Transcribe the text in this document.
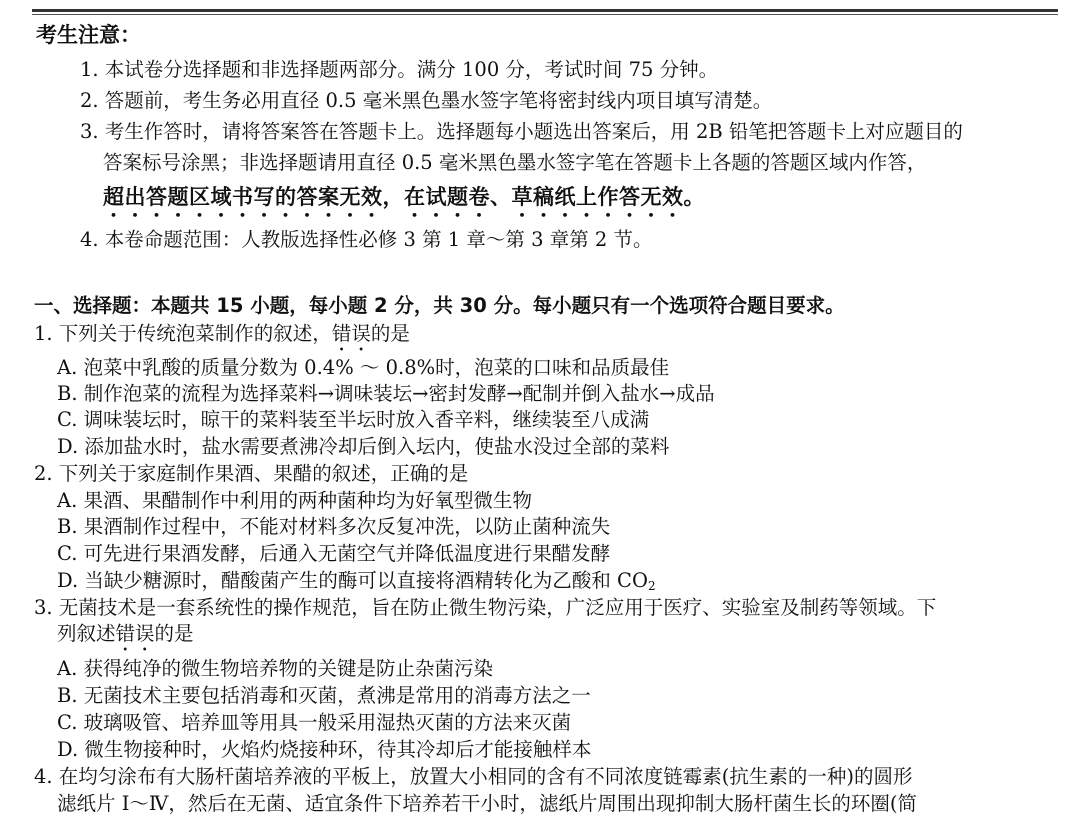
考生注意：
1. 本试卷分选择题和非选择题两部分。满分 100 分，考试时间 75 分钟。
2. 答题前，考生务必用直径 0.5 毫米黑色墨水签字笔将密封线内项目填写清楚。
3. 考生作答时，请将答案答在答题卡上。选择题每小题选出答案后，用 2B 铅笔把答题卡上对应题目的
答案标号涂黑；非选择题请用直径 0.5 毫米黑色墨水签字笔在答题卡上各题的答题区域内作答，
超出答题区域书写的答案无效，在试题卷、草稿纸上作答无效。
4. 本卷命题范围：人教版选择性必修 3 第 1 章～第 3 章第 2 节。
一、选择题：本题共 15 小题，每小题 2 分，共 30 分。每小题只有一个选项符合题目要求。
1. 下列关于传统泡菜制作的叙述，错误的是
A. 泡菜中乳酸的质量分数为 0.4% ～ 0.8%时，泡菜的口味和品质最佳
B. 制作泡菜的流程为选择菜料→调味装坛→密封发酵→配制并倒入盐水→成品
C. 调味装坛时，晾干的菜料装至半坛时放入香辛料，继续装至八成满
D. 添加盐水时，盐水需要煮沸冷却后倒入坛内，使盐水没过全部的菜料
2. 下列关于家庭制作果酒、果醋的叙述，正确的是
A. 果酒、果醋制作中利用的两种菌种均为好氧型微生物
B. 果酒制作过程中，不能对材料多次反复冲洗，以防止菌种流失
C. 可先进行果酒发酵，后通入无菌空气并降低温度进行果醋发酵
D. 当缺少糖源时，醋酸菌产生的酶可以直接将酒精转化为乙酸和 $CO_2$
3. 无菌技术是一套系统性的操作规范，旨在防止微生物污染，广泛应用于医疗、实验室及制药等领域。下
列叙述错误的是
A. 获得纯净的微生物培养物的关键是防止杂菌污染
B. 无菌技术主要包括消毒和灭菌，煮沸是常用的消毒方法之一
C. 玻璃吸管、培养皿等用具一般采用湿热灭菌的方法来灭菌
D. 微生物接种时，火焰灼烧接种环，待其冷却后才能接触样本
4. 在均匀涂布有大肠杆菌培养液的平板上，放置大小相同的含有不同浓度链霉素(抗生素的一种)的圆形
滤纸片 Ⅰ～Ⅳ，然后在无菌、适宜条件下培养若干小时，滤纸片周围出现抑制大肠杆菌生长的环圈(简
